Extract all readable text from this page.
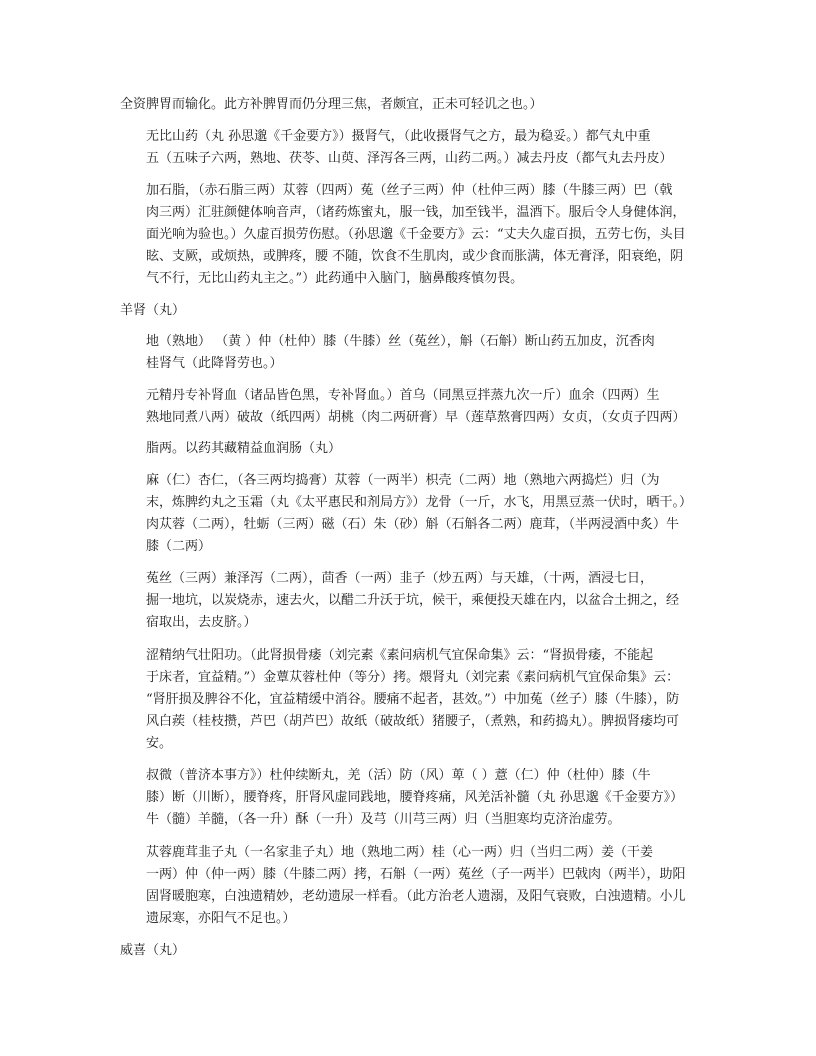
全资脾胃而输化。此方补脾胃而仍分理三焦，者颇宜，正未可轻讥之也。）
无比山药（丸 孙思邈《千金要方》）摄肾气，（此收摄肾气之方，最为稳妥。）都气丸中重
五（五味子六两，熟地、茯苓、山萸、泽泻各三两，山药二两。）减去丹皮（都气丸去丹皮）
加石脂，（赤石脂三两）苁蓉（四两）菟（丝子三两）仲（杜仲三两）膝（牛膝三两）巴（戟
肉三两）汇驻颜健体响音声，（诸药炼蜜丸，服一钱，加至钱半，温酒下。服后令人身健体润，
面光响为验也。）久虚百损劳伤慰。（孙思邈《千金要方》云：“丈夫久虚百损，五劳七伤，头目
眩、支厥，或烦热，或脾疼，腰 不随，饮食不生肌肉，或少食而胀满，体无膏泽，阳衰绝，阴
气不行，无比山药丸主之。”）此药通中入脑门，脑鼻酸疼慎勿畏。
羊肾（丸）
地（熟地） （黄 ）仲（杜仲）膝（牛膝）丝（菟丝），斛（石斛）断山药五加皮，沉香肉
桂肾气（此降肾劳也。）
元精丹专补肾血（诸品皆色黑，专补肾血。）首乌（同黑豆拌蒸九次一斤）血余（四两）生
熟地同煮八两）破故（纸四两）胡桃（肉二两研膏）早（莲草熬膏四两）女贞，（女贞子四两）
脂两。以药其藏精益血润肠（丸）
麻（仁）杏仁，（各三两均捣膏）苁蓉（一两半）枳壳（二两）地（熟地六两捣烂）归（为
末，炼脾约丸之玉霜（丸《太平惠民和剂局方》）龙骨（一斤，水飞，用黑豆蒸一伏时，晒干。）
肉苁蓉（二两），牡蛎（三两）磁（石）朱（砂）斛（石斛各二两）鹿茸，（半两浸酒中炙）牛
膝（二两）
菟丝（三两）兼泽泻（二两），茴香（一两）韭子（炒五两）与天雄，（十两，酒浸七日，
掘一地坑，以炭烧赤，速去火，以醋二升沃于坑，候干，乘便投天雄在内，以盆合土拥之，经
宿取出，去皮脐。）
涩精纳气壮阳功。（此肾损骨痿（刘完素《素问病机气宜保命集》云：“肾损骨痿，不能起
于床者，宜益精。”）金蕈苁蓉杜仲（等分）拷。煨肾丸（刘完素《素问病机气宜保命集》云：
“肾肝损及脾谷不化，宜益精缓中消谷。腰痛不起者，甚效。”）中加菟（丝子）膝（牛膝），防
风白蒺（桂枝攒，芦巴（胡芦巴）故纸（破故纸）猪腰子，（煮熟，和药捣丸）。脾损肾痿均可
安。
叔微（普济本事方》）杜仲续断丸，羌（活）防（风）萆（ ）薏（仁）仲（杜仲）膝（牛
膝）断（川断），腰脊疼，肝肾风虚同践地，腰脊疼痛，风羌活补髓（丸 孙思邈《千金要方》）
牛（髓）羊髓，（各一升）酥（一升）及芎（川芎三两）归（当胆寒均克济治虚劳。
苁蓉鹿茸韭子丸（一名家韭子丸）地（熟地二两）桂（心一两）归（当归二两）姜（干姜
一两）仲（仲一两）膝（牛膝二两）拷，石斛（一两）菟丝（子一两半）巴戟肉（两半），助阳
固肾暖胞寒，白浊遗精妙，老幼遗尿一样看。（此方治老人遗溺，及阳气衰败，白浊遗精。小儿
遗尿寒，亦阳气不足也。）
威喜（丸）
